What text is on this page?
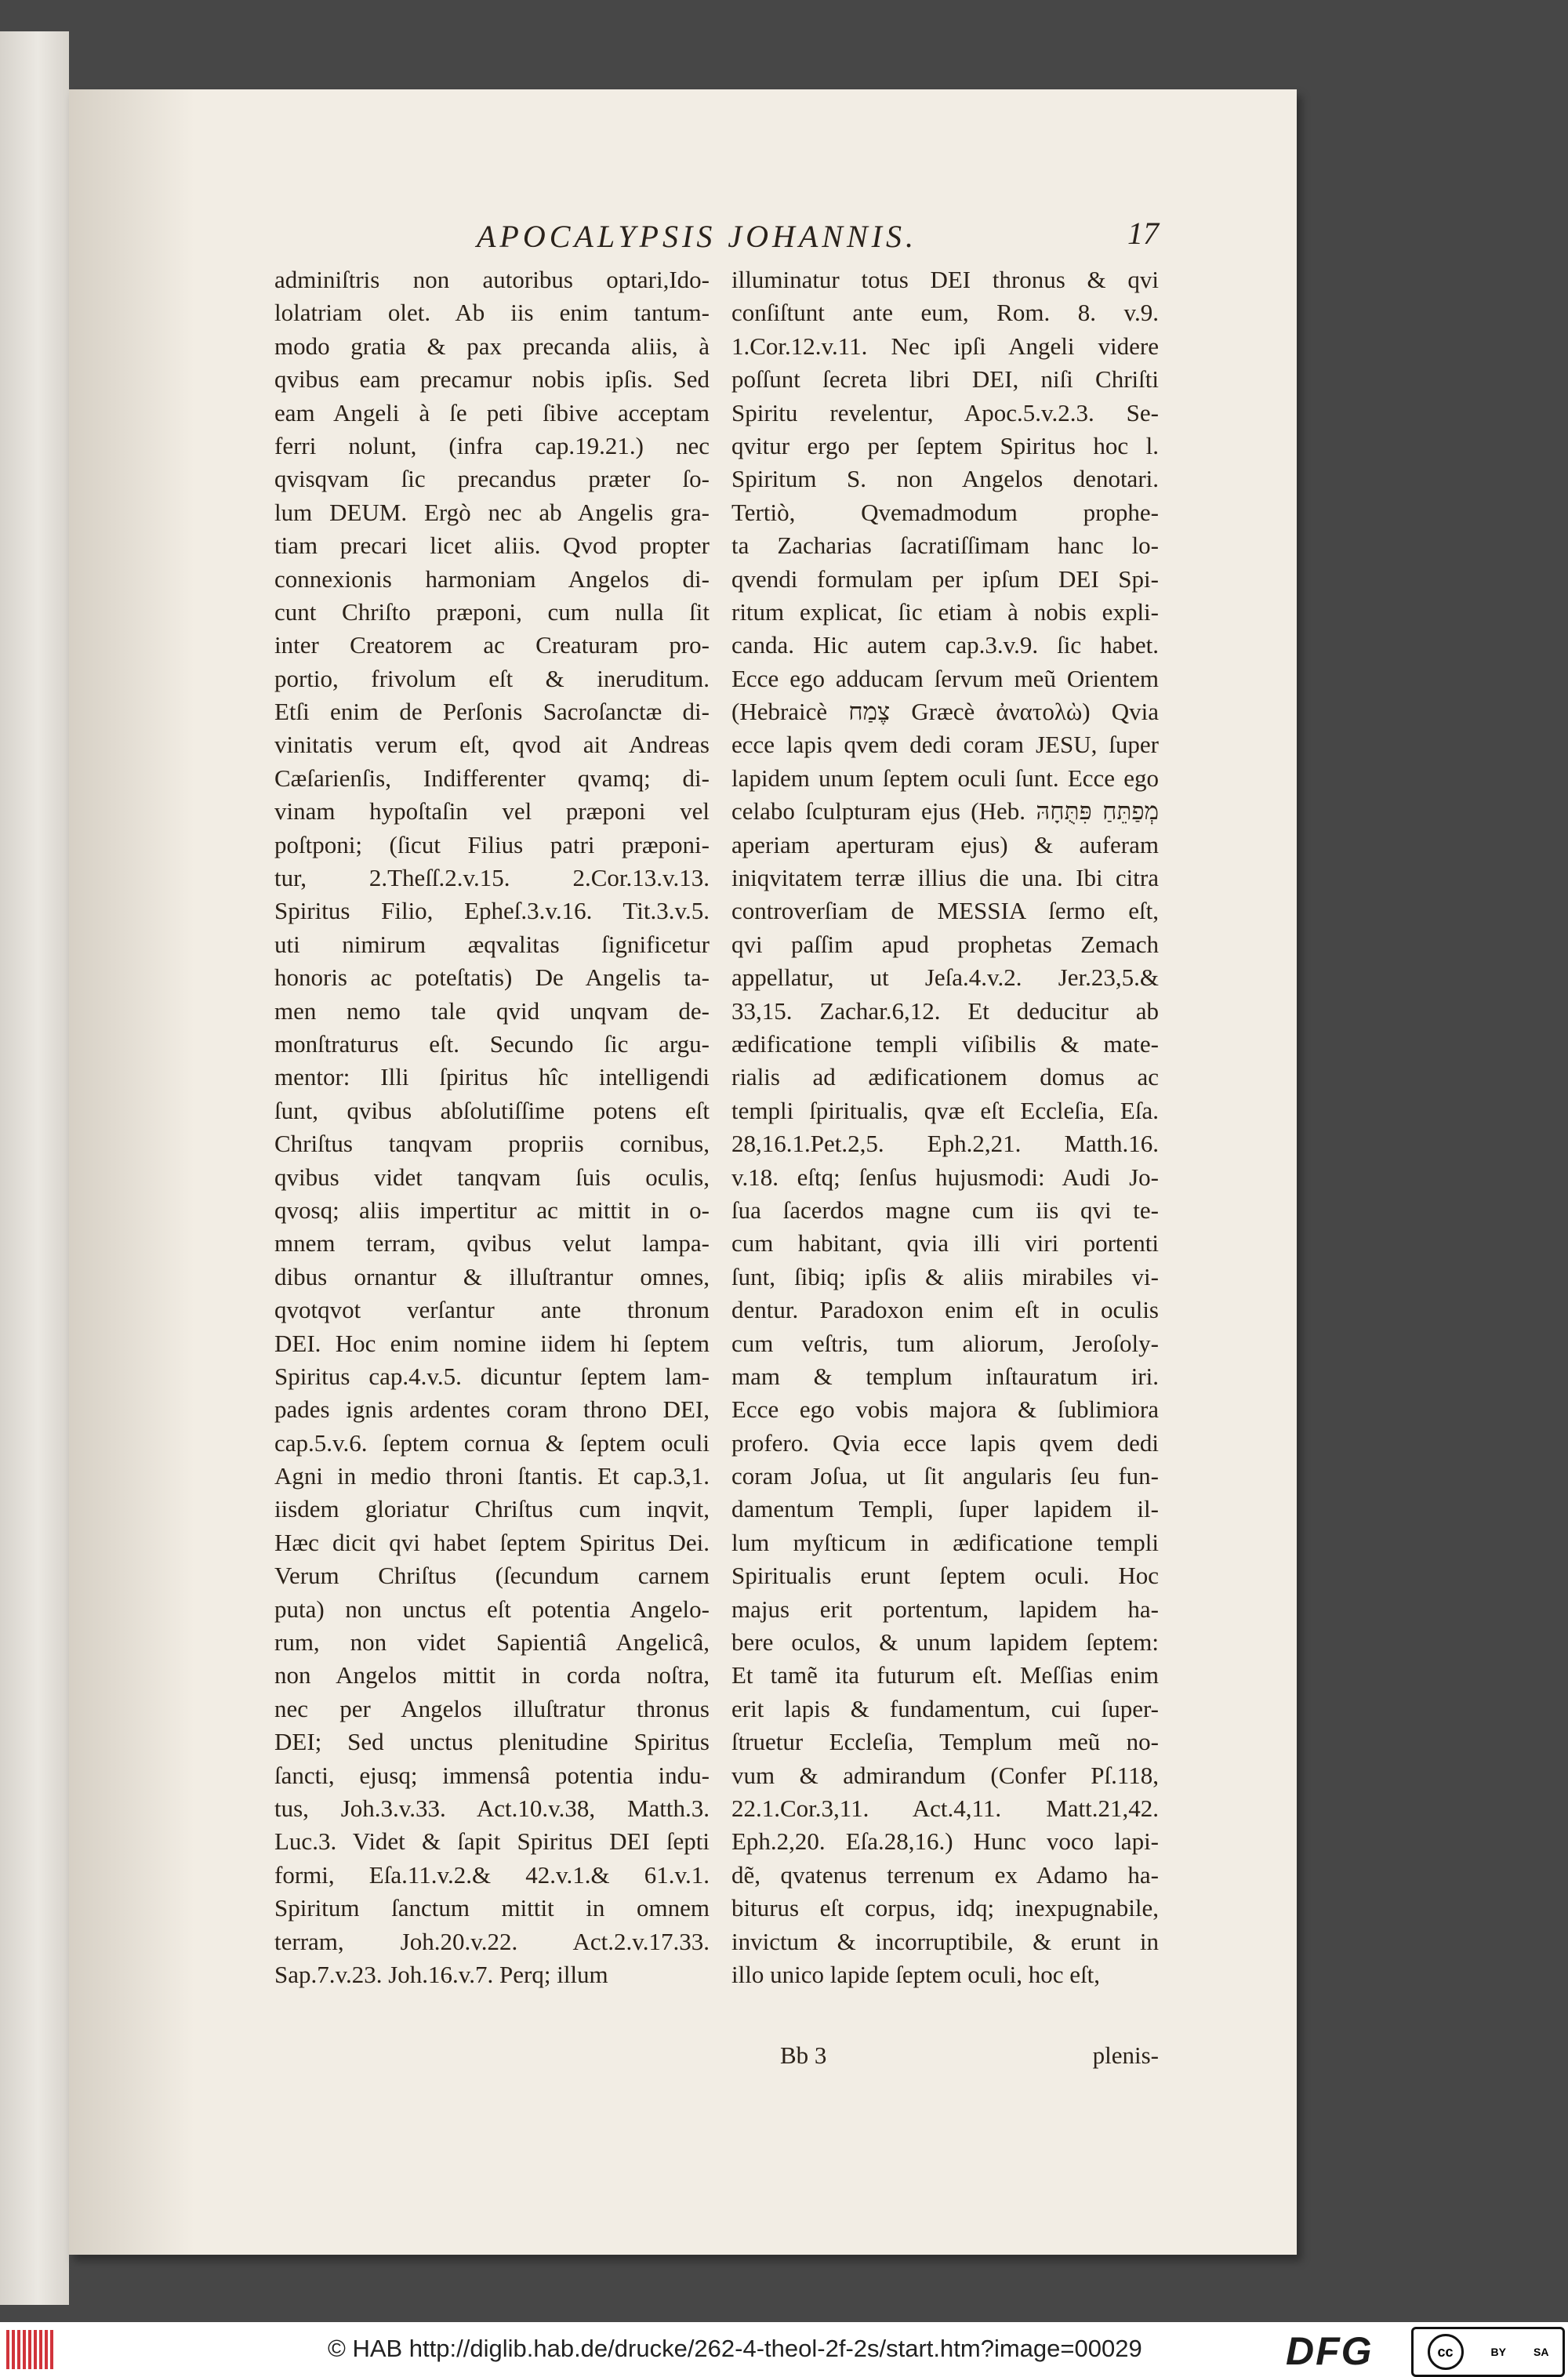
APOCALYPSIS JOHANNIS.	17
adminiſtris non autoribus optari,Ido-
lolatriam olet. Ab iis enim tantum-
modo gratia & pax precanda aliis, à
qvibus eam precamur nobis ipſis. Sed
eam Angeli à ſe peti ſibive acceptam
ferri nolunt, (infra cap.19.21.) nec
qvisqvam ſic precandus præter ſo-
lum DEUM. Ergò nec ab Angelis gra-
tiam precari licet aliis. Qvod propter
connexionis harmoniam Angelos di-
cunt Chriſto præponi, cum nulla ſit
inter Creatorem ac Creaturam pro-
portio, frivolum eſt & ineruditum.
Etſi enim de Perſonis Sacroſanctæ di-
vinitatis verum eſt, qvod ait Andreas
Cæſarienſis, Indifferenter qvamq; di-
vinam hypoſtaſin vel præponi vel
poſtponi; (ſicut Filius patri præponi-
tur, 2.Theſſ.2.v.15. 2.Cor.13.v.13.
Spiritus Filio, Epheſ.3.v.16. Tit.3.v.5.
uti nimirum æqvalitas ſignificetur
honoris ac poteſtatis) De Angelis ta-
men nemo tale qvid unqvam de-
monſtraturus eſt. Secundo ſic argu-
mentor: Illi ſpiritus hîc intelligendi
ſunt, qvibus abſolutiſſime potens eſt
Chriſtus tanqvam propriis cornibus,
qvibus videt tanqvam ſuis oculis,
qvosq; aliis impertitur ac mittit in o-
mnem terram, qvibus velut lampa-
dibus ornantur & illuſtrantur omnes,
qvotqvot verſantur ante thronum
DEI. Hoc enim nomine iidem hi ſeptem
Spiritus cap.4.v.5. dicuntur ſeptem lam-
pades ignis ardentes coram throno DEI,
cap.5.v.6. ſeptem cornua & ſeptem oculi
Agni in medio throni ſtantis. Et cap.3,1.
iisdem gloriatur Chriſtus cum inqvit,
Hæc dicit qvi habet ſeptem Spiritus Dei.
Verum Chriſtus (ſecundum carnem
puta) non unctus eſt potentia Angelo-
rum, non videt Sapientiâ Angelicâ,
non Angelos mittit in corda noſtra,
nec per Angelos illuſtratur thronus
DEI; Sed unctus plenitudine Spiritus
ſancti, ejusq; immensâ potentia indu-
tus, Joh.3.v.33. Act.10.v.38, Matth.3.
Luc.3. Videt & ſapit Spiritus DEI ſepti
formi, Eſa.11.v.2.& 42.v.1.& 61.v.1.
Spiritum ſanctum mittit in omnem
terram, Joh.20.v.22. Act.2.v.17.33.
Sap.7.v.23. Joh.16.v.7. Perq; illum
illuminatur totus DEI thronus & qvi
conſiſtunt ante eum, Rom. 8. v.9.
1.Cor.12.v.11. Nec ipſi Angeli videre
poſſunt ſecreta libri DEI, niſi Chriſti
Spiritu revelentur, Apoc.5.v.2.3. Se-
qvitur ergo per ſeptem Spiritus hoc l.
Spiritum S. non Angelos denotari.
Tertiò, Qvemadmodum prophe-
ta Zacharias ſacratiſſimam hanc lo-
qvendi formulam per ipſum DEI Spi-
ritum explicat, ſic etiam à nobis expli-
canda. Hic autem cap.3.v.9. ſic habet.
Ecce ego adducam ſervum meũ Orientem
(Hebraicè צֶמַח Græcè ἀνατολὼ) Qvia
ecce lapis qvem dedi coram JESU, ſuper
lapidem unum ſeptem oculi ſunt. Ecce ego
celabo ſculpturam ejus (Heb. מְפַתֵּחַ פִּתֻּחָהּ
aperiam aperturam ejus) & auferam
iniqvitatem terræ illius die una. Ibi citra
controverſiam de MESSIA ſermo eſt,
qvi paſſim apud prophetas Zemach
appellatur, ut Jeſa.4.v.2. Jer.23,5.&
33,15. Zachar.6,12. Et deducitur ab
ædificatione templi viſibilis & mate-
rialis ad ædificationem domus ac
templi ſpiritualis, qvæ eſt Eccleſia, Eſa.
28,16.1.Pet.2,5. Eph.2,21. Matth.16.
v.18. eſtq; ſenſus hujusmodi: Audi Jo-
ſua ſacerdos magne cum iis qvi te-
cum habitant, qvia illi viri portenti
ſunt, ſibiq; ipſis & aliis mirabiles vi-
dentur. Paradoxon enim eſt in oculis
cum veſtris, tum aliorum, Jeroſoly-
mam & templum inſtauratum iri.
Ecce ego vobis majora & ſublimiora
profero. Qvia ecce lapis qvem dedi
coram Joſua, ut ſit angularis ſeu fun-
damentum Templi, ſuper lapidem il-
lum myſticum in ædificatione templi
Spiritualis erunt ſeptem oculi. Hoc
majus erit portentum, lapidem ha-
bere oculos, & unum lapidem ſeptem:
Et tamẽ ita futurum eſt. Meſſias enim
erit lapis & fundamentum, cui ſuper-
ſtruetur Eccleſia, Templum meũ no-
vum & admirandum (Confer Pſ.118,
22.1.Cor.3,11. Act.4,11. Matt.21,42.
Eph.2,20. Eſa.28,16.) Hunc voco lapi-
dẽ, qvatenus terrenum ex Adamo ha-
biturus eſt corpus, idq; inexpugnabile,
invictum & incorruptibile, & erunt in
illo unico lapide ſeptem oculi, hoc eſt,
Bb 3	plenis-
© HAB http://diglib.hab.de/drucke/262-4-theol-2f-2s/start.htm?image=00029	DFG	cc	BY	SA
